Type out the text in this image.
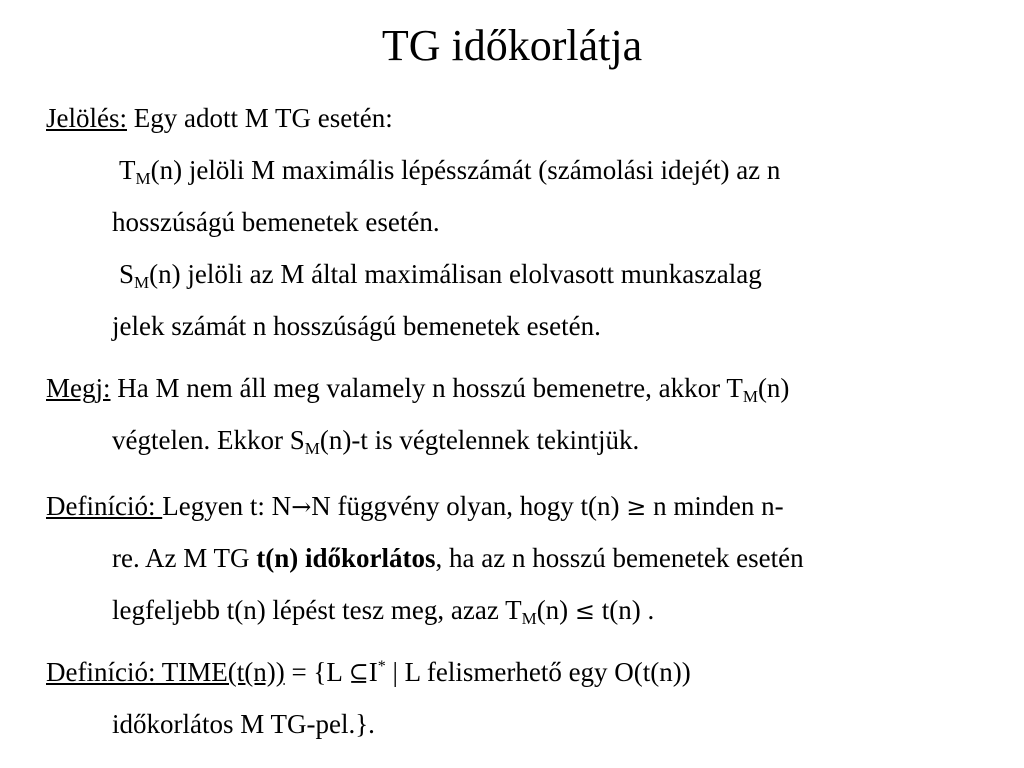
TG időkorlátja
Jelölés: Egy adott M TG esetén:
$T_M(n)$ jelöli M maximális lépésszámát (számolási idejét) az n
hosszúságú bemenetek esetén.
$S_M(n)$ jelöli az M által maximálisan elolvasott munkaszalag
jelek számát n hosszúságú bemenetek esetén.
Megj: Ha M nem áll meg valamely n hosszú bemenetre, akkor $T_M(n)$
végtelen. Ekkor $S_M(n)-t$ is végtelennek tekintjük.
Definíció: Legyen t: N→N függvény olyan, hogy t(n) ≥ n minden n-
re. Az M TG t(n) időkorlátos, ha az n hosszú bemenetek esetén
legfeljebb t(n) lépést tesz meg, azaz $T_M(n) \le t(n)$ .
Definíció: TIME(t(n)) = {L ⊆I* | L felismerhető egy O(t(n))
időkorlátos M TG-pel.}.
